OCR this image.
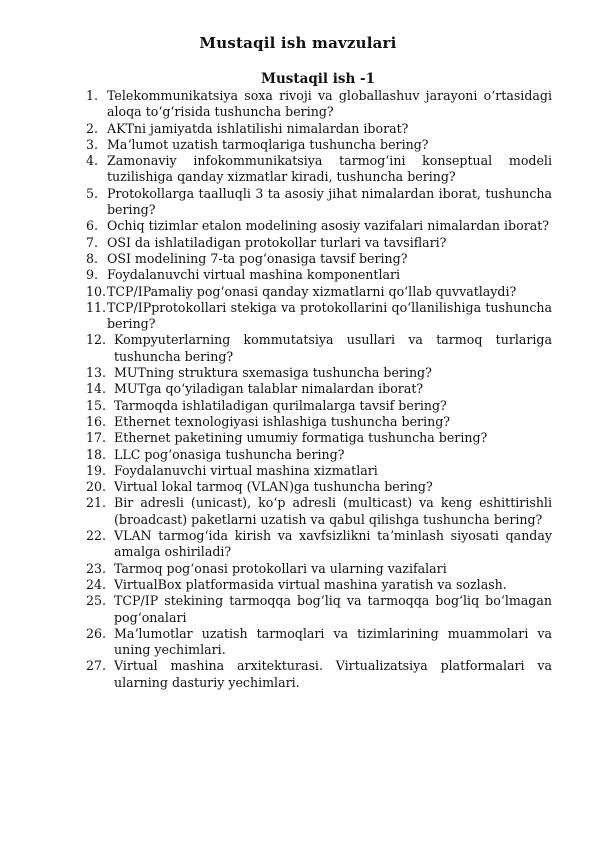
Mustaqil ish mavzulari
Mustaqil ish -1
1. Telekommunikatsiya soxa rivoji va globallashuv jarayoni oʻrtasidagi aloqa toʻgʻrisida tushuncha bering?
2. AKTni jamiyatda ishlatilishi nimalardan iborat?
3. Maʼlumot uzatish tarmoqlariga tushuncha bering?
4. Zamonaviy infokommunikatsiya tarmogʻini konseptual modeli tuzilishiga qanday xizmatlar kiradi, tushuncha bering?
5. Protokollarga taalluqli 3 ta asosiy jihat nimalardan iborat, tushuncha bering?
6. Ochiq tizimlar etalon modelining asosiy vazifalari nimalardan iborat?
7. OSI da ishlatiladigan protokollar turlari va tavsiflari?
8. OSI modelining 7-ta pogʻonasiga tavsif bering?
9. Foydalanuvchi virtual mashina komponentlari
10. TCP/IPamaliy pogʻonasi qanday xizmatlarni qoʻllab quvvatlaydi?
11. TCP/IPprotokollari stekiga va protokollarini qoʻllanilishiga tushuncha bering?
12. Kompyuterlarning kommutatsiya usullari va tarmoq turlariga tushuncha bering?
13. MUTning struktura sxemasiga tushuncha bering?
14. MUTga qoʻyiladigan talablar nimalardan iborat?
15. Tarmoqda ishlatiladigan qurilmalarga tavsif bering?
16. Ethernet texnologiyasi ishlashiga tushuncha bering?
17. Ethernet paketining umumiy formatiga tushuncha bering?
18. LLC pogʻonasiga tushuncha bering?
19. Foydalanuvchi virtual mashina xizmatlari
20. Virtual lokal tarmoq (VLAN)ga tushuncha bering?
21. Bir adresli (unicast), koʻp adresli (multicast) va keng eshittirishli (broadcast) paketlarni uzatish va qabul qilishga tushuncha bering?
22. VLAN tarmogʻida kirish va xavfsizlikni taʼminlash siyosati qanday amalga oshiriladi?
23. Tarmoq pogʻonasi protokollari va ularning vazifalari
24. VirtualBox platformasida virtual mashina yaratish va sozlash.
25. TCP/IP stekining tarmoqqa bogʻliq va tarmoqqa bogʻliq boʻlmagan pogʻonalari
26. Maʼlumotlar uzatish tarmoqlari va tizimlarining muammolari va uning yechimlari.
27. Virtual mashina arxitekturasi. Virtualizatsiya platformalari va ularning dasturiy yechimlari.
